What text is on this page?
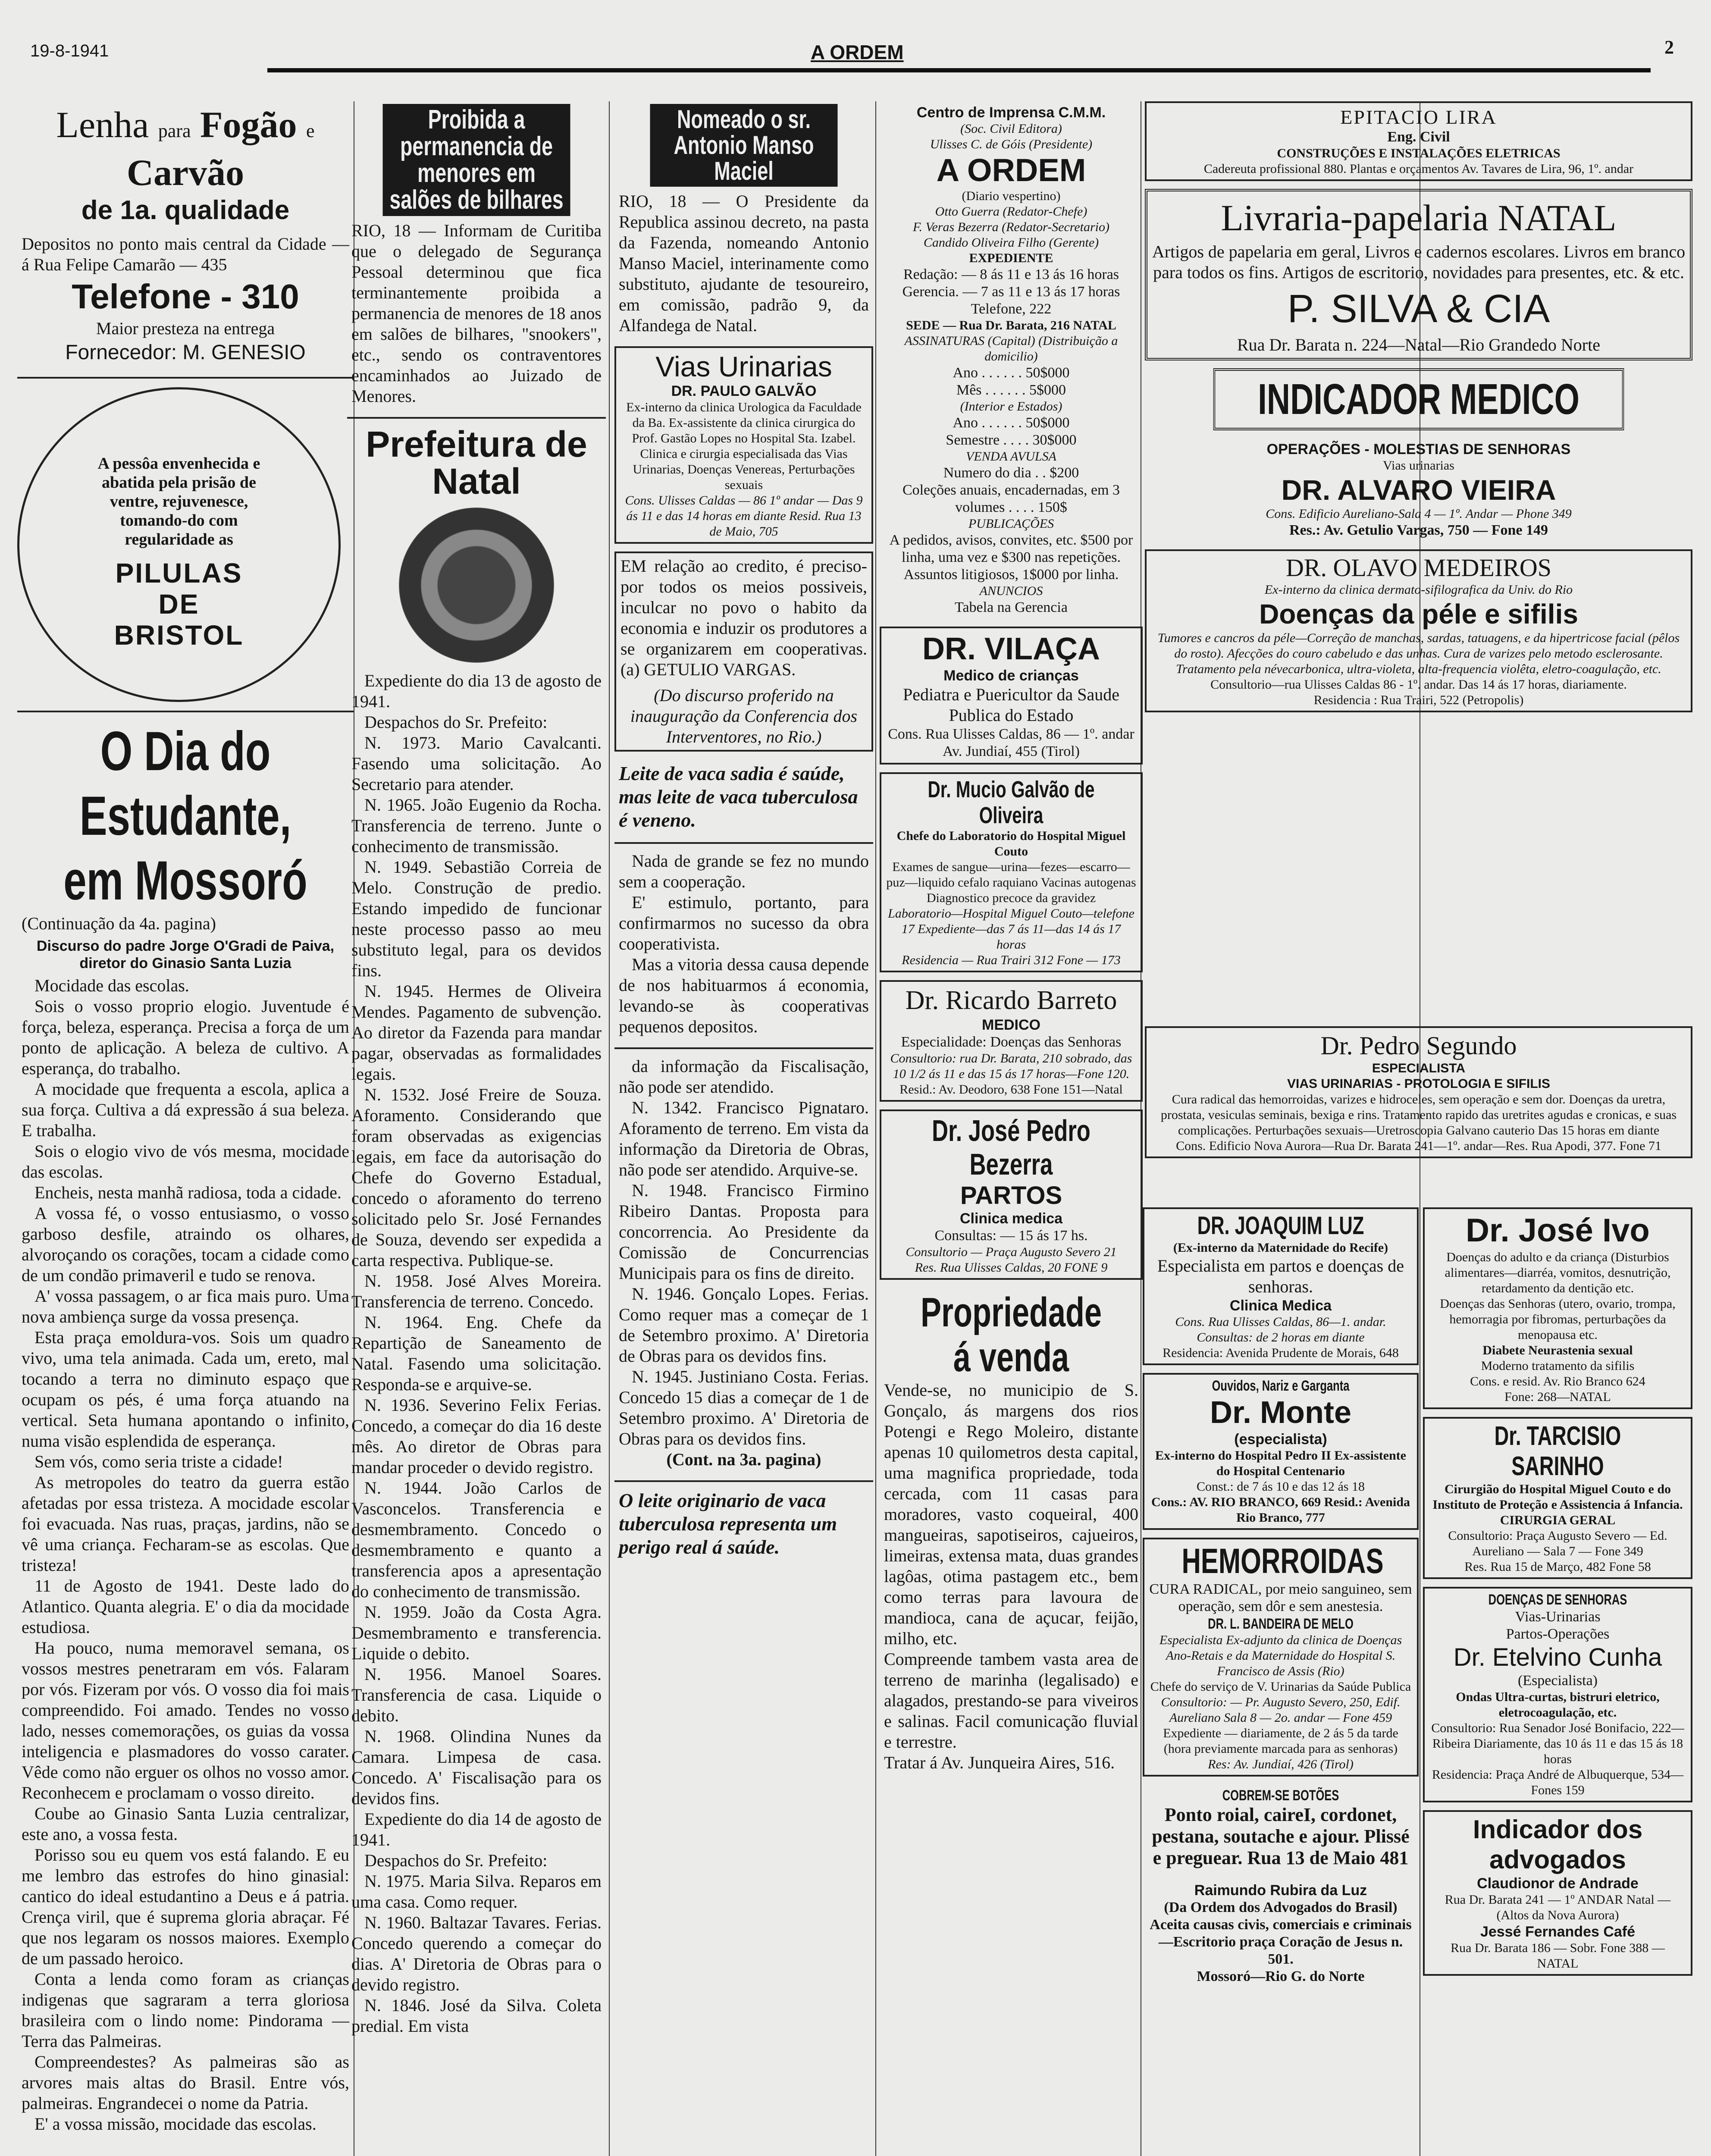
19-8-1941	A ORDEM	2
Lenha para Fogão e Carvão
de 1a. qualidade
Depositos no ponto mais central da Cidade — á Rua Felipe Camarão — 435
Telefone - 310
Maior presteza na entrega
Fornecedor: M. GENESIO
A pessôa envenhecida e abatida pela prisão de ventre, rejuvenesce, tomando-do com regularidade as
PILULAS DE BRISTOL
O Dia do Estudante, em Mossoró
(Continuação da 4a. pagina)
Discurso do padre Jorge O'Gradi de Paiva, diretor do Ginasio Santa Luzia

Mocidade das escolas.

Sois o vosso proprio elogio. Juventude é força, beleza, esperança. Precisa a força de um ponto de aplicação. A beleza de cultivo. A esperança, do trabalho.

A mocidade que frequenta a escola, aplica a sua força. Cultiva a dá expressão á sua beleza. E trabalha.

Sois o elogio vivo de vós mesma, mocidade das escolas.

Encheis, nesta manhã radiosa, toda a cidade.

A vossa fé, o vosso entusiasmo, o vosso garboso desfile, atraindo os olhares, alvoroçando os corações, tocam a cidade como de um condão primaveril e tudo se renova.

A' vossa passagem, o ar fica mais puro. Uma nova ambiença surge da vossa presença.

Esta praça emoldura-vos. Sois um quadro vivo, uma tela animada. Cada um, ereto, mal tocando a terra no diminuto espaço que ocupam os pés, é uma força atuando na vertical. Seta humana apontando o infinito, numa visão esplendida de esperança.

Sem vós, como seria triste a cidade!

As metropoles do teatro da guerra estão afetadas por essa tristeza. A mocidade escolar foi evacuada. Nas ruas, praças, jardins, não se vê uma criança. Fecharam-se as escolas. Que tristeza!

11 de Agosto de 1941. Deste lado do Atlantico. Quanta alegria. E' o dia da mocidade estudiosa.

Ha pouco, numa memoravel semana, os vossos mestres penetraram em vós. Falaram por vós. Fizeram por vós. O vosso dia foi mais compreendido. Foi amado. Tendes no vosso lado, nesses comemorações, os guias da vossa inteligencia e plasmadores do vosso carater. Vêde como não erguer os olhos no vosso amor. Reconhecem e proclamam o vosso direito.

Coube ao Ginasio Santa Luzia centralizar, este ano, a vossa festa.

Porisso sou eu quem vos está falando. E eu me lembro das estrofes do hino ginasial: cantico do ideal estudantino a Deus e á patria. Crença viril, que é suprema gloria abraçar. Fé que nos legaram os nossos maiores. Exemplo de um passado heroico.

Conta a lenda como foram as crianças indigenas que sagraram a terra gloriosa brasileira com o lindo nome: Pindorama — Terra das Palmeiras.

Compreendestes? As palmeiras são as arvores mais altas do Brasil. Entre vós, palmeiras. Engrandecei o nome da Patria.

E' a vossa missão, mocidade das escolas.

Proibida a permanencia de menores em salões de bilhares
RIO, 18 — Informam de Curitiba que o delegado de Segurança Pessoal determinou que fica terminantemente proibida a permanencia de menores de 18 anos em salões de bilhares, "snookers", etc., sendo os contraventores encaminhados ao Juizado de Menores.
Prefeitura de Natal

Expediente do dia 13 de agosto de 1941.

Despachos do Sr. Prefeito:

N. 1973. Mario Cavalcanti. Fasendo uma solicitação. Ao Secretario para atender.

N. 1965. João Eugenio da Rocha. Transferencia de terreno. Junte o conhecimento de transmissão.

N. 1949. Sebastião Correia de Melo. Construção de predio. Estando impedido de funcionar neste processo passo ao meu substituto legal, para os devidos fins.

N. 1945. Hermes de Oliveira Mendes. Pagamento de subvenção. Ao diretor da Fazenda para mandar pagar, observadas as formalidades legais.

N. 1532. José Freire de Souza. Aforamento. Considerando que foram observadas as exigencias legais, em face da autorisação do Chefe do Governo Estadual, concedo o aforamento do terreno solicitado pelo Sr. José Fernandes de Souza, devendo ser expedida a carta respectiva. Publique-se.

N. 1958. José Alves Moreira. Transferencia de terreno. Concedo.

N. 1964. Eng. Chefe da Repartição de Saneamento de Natal. Fasendo uma solicitação. Responda-se e arquive-se.

N. 1936. Severino Felix Ferias. Concedo, a começar do dia 16 deste mês. Ao diretor de Obras para mandar proceder o devido registro.

N. 1944. João Carlos de Vasconcelos. Transferencia e desmembramento. Concedo o desmembramento e quanto a transferencia apos a apresentação do conhecimento de transmissão.

N. 1959. João da Costa Agra. Desmembramento e transferencia. Liquide o debito.

N. 1956. Manoel Soares. Transferencia de casa. Liquide o debito.

N. 1968. Olindina Nunes da Camara. Limpesa de casa. Concedo. A' Fiscalisação para os devidos fins.

Expediente do dia 14 de agosto de 1941.

Despachos do Sr. Prefeito:

N. 1975. Maria Silva. Reparos em uma casa. Como requer.

N. 1960. Baltazar Tavares. Ferias. Concedo querendo a começar do dias. A' Diretoria de Obras para o devido registro.

N. 1846. José da Silva. Coleta predial. Em vista

Nomeado o sr. Antonio Manso Maciel
RIO, 18 — O Presidente da Republica assinou decreto, na pasta da Fazenda, nomeando Antonio Manso Maciel, interinamente como substituto, ajudante de tesoureiro, em comissão, padrão 9, da Alfandega de Natal.
Vias Urinarias
DR. PAULO GALVÃO
Ex-interno da clinica Urologica da Faculdade da Ba. Ex-assistente da clinica cirurgica do Prof. Gastão Lopes no Hospital Sta. Izabel. Clinica e cirurgia especialisada das Vias Urinarias, Doenças Venereas, Perturbações sexuais
Cons. Ulisses Caldas — 86 1º andar — Das 9 ás 11 e das 14 horas em diante Resid. Rua 13 de Maio, 705
EM relação ao credito, é preciso-por todos os meios possiveis, inculcar no povo o habito da economia e induzir os produtores a se organizarem em cooperativas. (a) GETULIO VARGAS.
(Do discurso proferido na inauguração da Conferencia dos Interventores, no Rio.)
Leite de vaca sadia é saúde, mas leite de vaca tuberculosa é veneno.

Nada de grande se fez no mundo sem a cooperação.

E' estimulo, portanto, para confirmarmos no sucesso da obra cooperativista.

Mas a vitoria dessa causa depende de nos habituarmos á economia, levando-se às cooperativas pequenos depositos.

da informação da Fiscalisação, não pode ser atendido.

N. 1342. Francisco Pignataro. Aforamento de terreno. Em vista da informação da Diretoria de Obras, não pode ser atendido. Arquive-se.

N. 1948. Francisco Firmino Ribeiro Dantas. Proposta para concorrencia. Ao Presidente da Comissão de Concurrencias Municipais para os fins de direito.

N. 1946. Gonçalo Lopes. Ferias. Como requer mas a começar de 1 de Setembro proximo. A' Diretoria de Obras para os devidos fins.

N. 1945. Justiniano Costa. Ferias. Concedo 15 dias a começar de 1 de Setembro proximo. A' Diretoria de Obras para os devidos fins.

(Cont. na 3a. pagina)
O leite originario de vaca tuberculosa representa um perigo real á saúde.
Centro de Imprensa C.M.M.
(Soc. Civil Editora)
Ulisses C. de Góis (Presidente)
A ORDEM
(Diario vespertino)
Otto Guerra (Redator-Chefe)
F. Veras Bezerra (Redator-Secretario)
Candido Oliveira Filho (Gerente)
EXPEDIENTE
Redação: — 8 ás 11 e 13 ás 16 horas
Gerencia. — 7 as 11 e 13 ás 17 horas
Telefone, 222
SEDE — Rua Dr. Barata, 216 NATAL
ASSINATURAS (Capital) (Distribuição a domicilio)
Ano . . . . . . 50$000
Mês . . . . . . 5$000
(Interior e Estados)
Ano . . . . . . 50$000
Semestre . . . . 30$000
VENDA AVULSA
Numero do dia . . $200
Coleções anuais, encadernadas, em 3 volumes . . . . 150$
PUBLICAÇÕES
A pedidos, avisos, convites, etc. $500 por linha, uma vez e $300 nas repetições. Assuntos litigiosos, 1$000 por linha.
ANUNCIOS
Tabela na Gerencia
DR. VILAÇA
Medico de crianças
Pediatra e Puericultor da Saude Publica do Estado
Cons. Rua Ulisses Caldas, 86 — 1º. andar Av. Jundiaí, 455 (Tirol)
Dr. Mucio Galvão de Oliveira
Chefe do Laboratorio do Hospital Miguel Couto
Exames de sangue—urina—fezes—escarro—puz—liquido cefalo raquiano Vacinas autogenas Diagnostico precoce da gravidez
Laboratorio—Hospital Miguel Couto—telefone 17 Expediente—das 7 ás 11—das 14 ás 17 horas
Residencia — Rua Trairi 312 Fone — 173
Dr. Ricardo Barreto
MEDICO
Especialidade: Doenças das Senhoras
Consultorio: rua Dr. Barata, 210 sobrado, das 10 1/2 ás 11 e das 15 ás 17 horas—Fone 120.
Resid.: Av. Deodoro, 638 Fone 151—Natal
Dr. José Pedro Bezerra
PARTOS
Clinica medica
Consultas: — 15 ás 17 hs.
Consultorio — Praça Augusto Severo 21
Res. Rua Ulisses Caldas, 20 FONE 9
Propriedade á venda
Vende-se, no municipio de S. Gonçalo, ás margens dos rios Potengi e Rego Moleiro, distante apenas 10 quilometros desta capital, uma magnifica propriedade, toda cercada, com 11 casas para moradores, vasto coqueiral, 400 mangueiras, sapotiseiros, cajueiros, limeiras, extensa mata, duas grandes lagôas, otima pastagem etc., bem como terras para lavoura de mandioca, cana de açucar, feijão, milho, etc.
Compreende tambem vasta area de terreno de marinha (legalisado) e alagados, prestando-se para viveiros e salinas. Facil comunicação fluvial e terrestre.
Tratar á Av. Junqueira Aires, 516.
EPITACIO LIRA
Eng. Civil
CONSTRUÇÕES E INSTALAÇÕES ELETRICAS
Cadereuta profissional 880. Plantas e orçamentos Av. Tavares de Lira, 96, 1º. andar
Livraria-papelaria NATAL
Artigos de papelaria em geral, Livros e cadernos escolares. Livros em branco para todos os fins. Artigos de escritorio, novidades para presentes, etc. & etc.
P. SILVA & CIA
Rua Dr. Barata n. 224—Natal—Rio Grandedo Norte
INDICADOR MEDICO
OPERAÇÕES - MOLESTIAS DE SENHORAS
Vias urinarias
DR. ALVARO VIEIRA
Cons. Edificio Aureliano-Sala 4 — 1º. Andar — Phone 349
Res.: Av. Getulio Vargas, 750 — Fone 149
DR. OLAVO MEDEIROS
Ex-interno da clinica dermato-sifilografica da Univ. do Rio
Doenças da péle e sifilis
Tumores e cancros da péle—Correção de manchas, sardas, tatuagens, e da hipertricose facial (pêlos do rosto). Afecções do couro cabeludo e das unhas. Cura de varizes pelo metodo esclerosante. Tratamento pela névecarbonica, ultra-violeta, alta-frequencia violêta, eletro-coagulação, etc.
Consultorio—rua Ulisses Caldas 86 - 1º. andar. Das 14 ás 17 horas, diariamente.
Residencia : Rua Trairi, 522 (Petropolis)
Dr. Pedro Segundo
ESPECIALISTA
VIAS URINARIAS - PROTOLOGIA E SIFILIS
Cura radical das hemorroidas, varizes e hidroceles, sem operação e sem dor. Doenças da uretra, prostata, vesiculas seminais, bexiga e rins. Tratamento rapido das uretrites agudas e cronicas, e suas complicações. Perturbações sexuais—Uretroscopia Galvano cauterio Das 15 horas em diante
Cons. Edificio Nova Aurora—Rua Dr. Barata 241—1º. andar—Res. Rua Apodi, 377. Fone 71
DR. JOAQUIM LUZ
(Ex-interno da Maternidade do Recife)
Especialista em partos e doenças de senhoras.
Clinica Medica
Cons. Rua Ulisses Caldas, 86—1. andar. Consultas: de 2 horas em diante
Residencia: Avenida Prudente de Morais, 648
Ouvidos, Nariz e Garganta
Dr. Monte
(especialista)
Ex-interno do Hospital Pedro II Ex-assistente do Hospital Centenario
Const.: de 7 ás 10 e das 12 ás 18
Cons.: AV. RIO BRANCO, 669 Resid.: Avenida Rio Branco, 777
HEMORROIDAS
CURA RADICAL, por meio sanguineo, sem operação, sem dôr e sem anestesia.
DR. L. BANDEIRA DE MELO
Especialista Ex-adjunto da clinica de Doenças Ano-Retais e da Maternidade do Hospital S. Francisco de Assis (Rio)
Chefe do serviço de V. Urinarias da Saúde Publica
Consultorio: — Pr. Augusto Severo, 250, Edif. Aureliano Sala 8 — 2o. andar — Fone 459
Expediente — diariamente, de 2 ás 5 da tarde (hora previamente marcada para as senhoras)
Res: Av. Jundiaí, 426 (Tirol)
COBREM-SE BOTÕES
Ponto roial, caireI, cordonet, pestana, soutache e ajour. Plissé e preguear. Rua 13 de Maio 481
Raimundo Rubira da Luz
(Da Ordem dos Advogados do Brasil) Aceita causas civis, comerciais e criminais—Escritorio praça Coração de Jesus n. 501.
Mossoró—Rio G. do Norte
Dr. José Ivo
Doenças do adulto e da criança (Disturbios alimentares—diarréa, vomitos, desnutrição, retardamento da dentição etc.
Doenças das Senhoras (utero, ovario, trompa, hemorragia por fibromas, perturbações da menopausa etc.
Diabete Neurastenia sexual
Moderno tratamento da sifilis
Cons. e resid. Av. Rio Branco 624
Fone: 268—NATAL
Dr. TARCISIO SARINHO
Cirurgião do Hospital Miguel Couto e do Instituto de Proteção e Assistencia á Infancia. CIRURGIA GERAL
Consultorio: Praça Augusto Severo — Ed. Aureliano — Sala 7 — Fone 349
Res. Rua 15 de Março, 482 Fone 58
DOENÇAS DE SENHORAS
Vias-Urinarias
Partos-Operações
Dr. Etelvino Cunha
(Especialista)
Ondas Ultra-curtas, bistruri eletrico, eletrocoagulação, etc.
Consultorio: Rua Senador José Bonifacio, 222—Ribeira Diariamente, das 10 ás 11 e das 15 ás 18 horas
Residencia: Praça André de Albuquerque, 534—Fones 159
Indicador dos advogados
Claudionor de Andrade
Rua Dr. Barata 241 — 1º ANDAR Natal — (Altos da Nova Aurora)
Jessé Fernandes Café
Rua Dr. Barata 186 — Sobr. Fone 388 — NATAL
